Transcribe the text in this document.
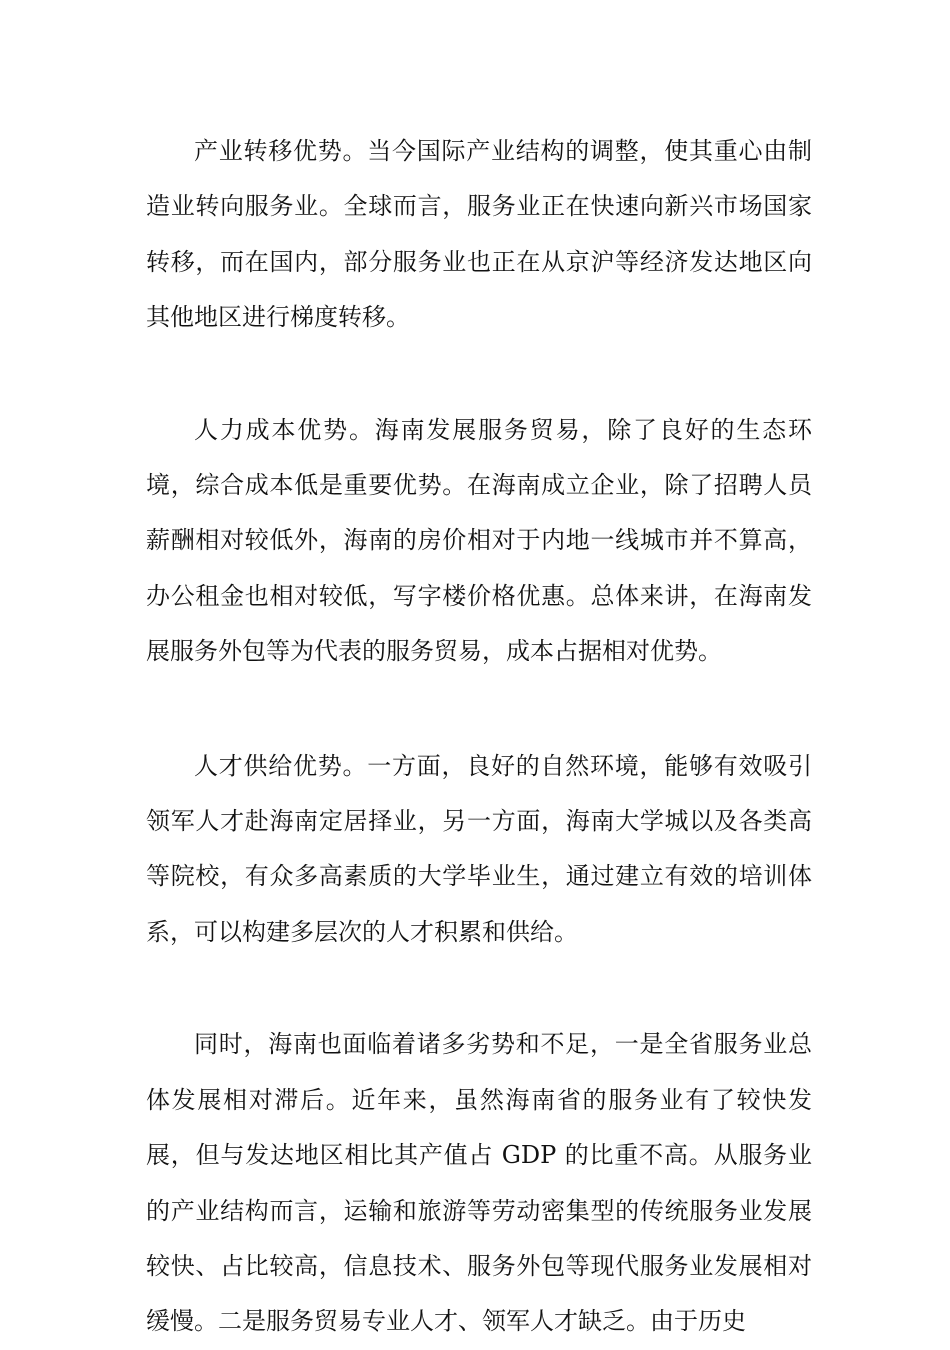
产业转移优势。当今国际产业结构的调整，使其重心由制造业转向服务业。全球而言，服务业正在快速向新兴市场国家转移，而在国内，部分服务业也正在从京沪等经济发达地区向其他地区进行梯度转移。

人力成本优势。海南发展服务贸易，除了良好的生态环境，综合成本低是重要优势。在海南成立企业，除了招聘人员薪酬相对较低外，海南的房价相对于内地一线城市并不算高，办公租金也相对较低，写字楼价格优惠。总体来讲，在海南发展服务外包等为代表的服务贸易，成本占据相对优势。

人才供给优势。一方面，良好的自然环境，能够有效吸引领军人才赴海南定居择业，另一方面，海南大学城以及各类高等院校，有众多高素质的大学毕业生，通过建立有效的培训体系，可以构建多层次的人才积累和供给。

同时，海南也面临着诸多劣势和不足，一是全省服务业总体发展相对滞后。近年来，虽然海南省的服务业有了较快发展，但与发达地区相比其产值占 GDP 的比重不高。从服务业的产业结构而言，运输和旅游等劳动密集型的传统服务业发展较快、占比较高，信息技术、服务外包等现代服务业发展相对缓慢。二是服务贸易专业人才、领军人才缺乏。由于历史
